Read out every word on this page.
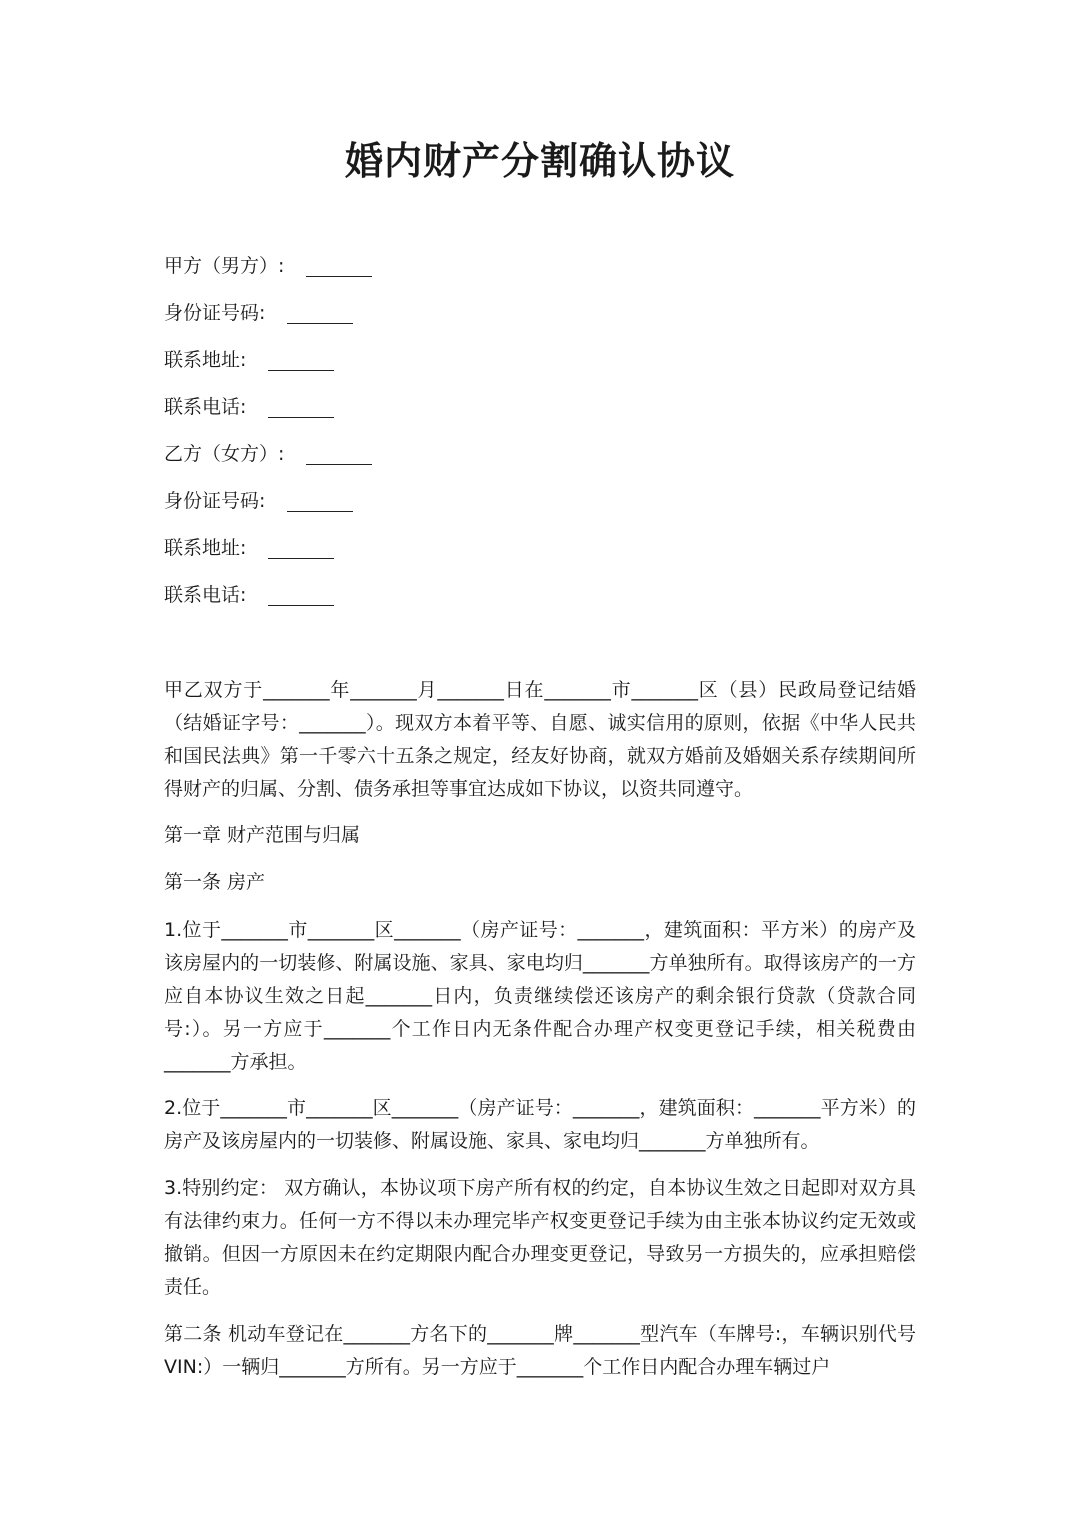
婚内财产分割确认协议
甲方（男方）:
身份证号码:
联系地址:
联系电话:
乙方（女方）:
身份证号码:
联系地址:
联系电话:
甲乙双方于_______年_______月_______日在_______市_______区（县）民政局登记结婚（结婚证字号：_______）。现双方本着平等、自愿、诚实信用的原则，依据《中华人民共和国民法典》第一千零六十五条之规定，经友好协商，就双方婚前及婚姻关系存续期间所得财产的归属、分割、债务承担等事宜达成如下协议，以资共同遵守。
第一章 财产范围与归属
第一条 房产
1.位于_______市_______区_______（房产证号：_______，建筑面积：平方米）的房产及该房屋内的一切装修、附属设施、家具、家电均归_______方单独所有。取得该房产的一方应自本协议生效之日起_______日内，负责继续偿还该房产的剩余银行贷款（贷款合同号:）。另一方应于_______个工作日内无条件配合办理产权变更登记手续，相关税费由_______方承担。
2.位于_______市_______区_______（房产证号：_______，建筑面积：_______平方米）的房产及该房屋内的一切装修、附属设施、家具、家电均归_______方单独所有。
3.特别约定： 双方确认，本协议项下房产所有权的约定，自本协议生效之日起即对双方具有法律约束力。任何一方不得以未办理完毕产权变更登记手续为由主张本协议约定无效或撤销。但因一方原因未在约定期限内配合办理变更登记，导致另一方损失的，应承担赔偿责任。
第二条 机动车登记在_______方名下的_______牌_______型汽车（车牌号:，车辆识别代号 VIN:）一辆归_______方所有。另一方应于_______个工作日内配合办理车辆过户
